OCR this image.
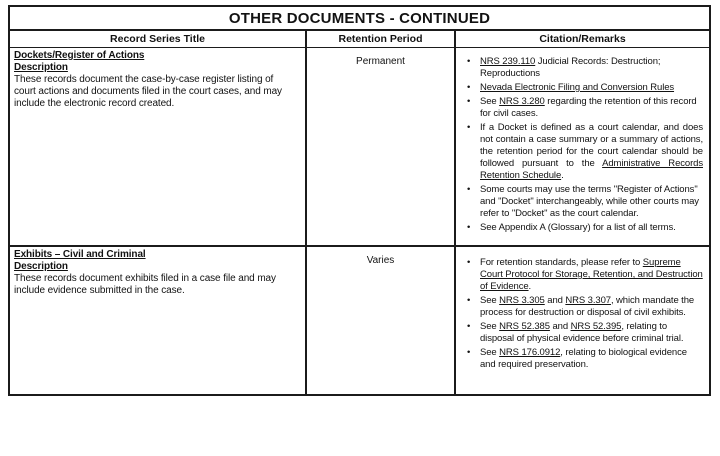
OTHER DOCUMENTS - CONTINUED
Record Series Title	Retention Period	Citation/Remarks
Dockets/Register of Actions
Description
These records document the case-by-case register listing of court actions and documents filed in the court cases, and may include the electronic record created.
Permanent	•	NRS 239.110 Judicial Records: Destruction; Reproductions
•	Nevada Electronic Filing and Conversion Rules
•	See NRS 3.280 regarding the retention of this record for civil cases.
•	If a Docket is defined as a court calendar, and does not contain a case summary or a summary of actions, the retention period for the court calendar should be followed pursuant to the Administrative Records Retention Schedule.
•	Some courts may use the terms "Register of Actions" and "Docket" interchangeably, while other courts may refer to "Docket" as the court calendar.
•	See Appendix A (Glossary) for a list of all terms.
Exhibits – Civil and Criminal
Description
These records document exhibits filed in a case file and may include evidence submitted in the case.
Varies	•	For retention standards, please refer to Supreme Court Protocol for Storage, Retention, and Destruction of Evidence.
•	See NRS 3.305 and NRS 3.307, which mandate the process for destruction or disposal of civil exhibits.
•	See NRS 52.385 and NRS 52.395, relating to disposal of physical evidence before criminal trial.
•	See NRS 176.0912, relating to biological evidence and required preservation.
